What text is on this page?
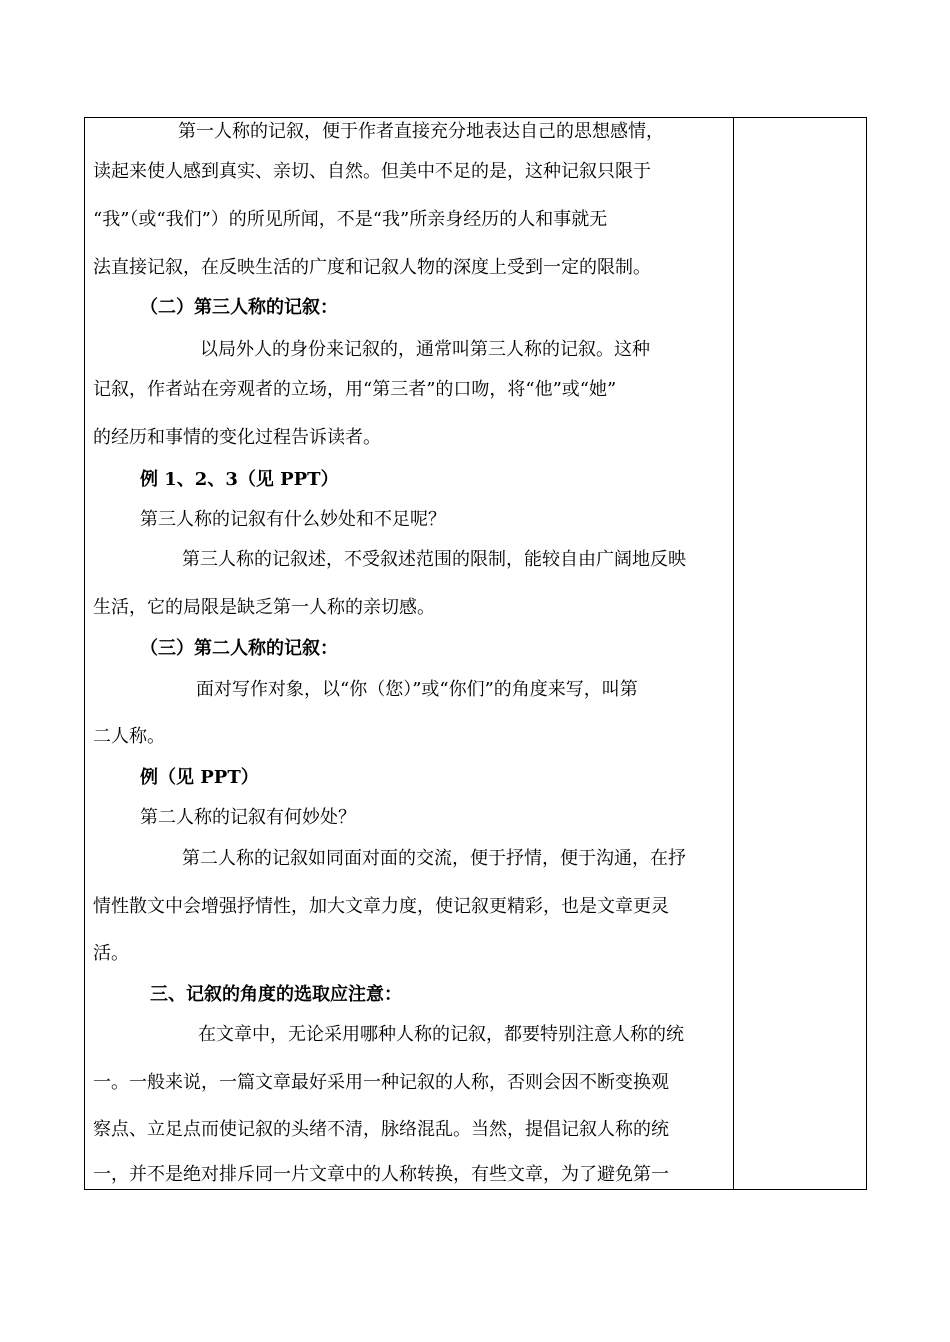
第一人称的记叙，便于作者直接充分地表达自己的思想感情，
读起来使人感到真实、亲切、自然。但美中不足的是，这种记叙只限于
“我”（或“我们”）的所见所闻，不是“我”所亲身经历的人和事就无
法直接记叙，在反映生活的广度和记叙人物的深度上受到一定的限制。
（二）第三人称的记叙：
以局外人的身份来记叙的，通常叫第三人称的记叙。这种
记叙，作者站在旁观者的立场，用“第三者”的口吻，将“他”或“她”
的经历和事情的变化过程告诉读者。
例 1、2、3（见 PPT）
第三人称的记叙有什么妙处和不足呢？
第三人称的记叙述，不受叙述范围的限制，能较自由广阔地反映
生活，它的局限是缺乏第一人称的亲切感。
（三）第二人称的记叙：
面对写作对象，以“你（您）”或“你们”的角度来写，叫第
二人称。
例（见 PPT）
第二人称的记叙有何妙处？
第二人称的记叙如同面对面的交流，便于抒情，便于沟通，在抒
情性散文中会增强抒情性，加大文章力度，使记叙更精彩，也是文章更灵
活。
三、记叙的角度的选取应注意：
在文章中，无论采用哪种人称的记叙，都要特别注意人称的统
一。一般来说，一篇文章最好采用一种记叙的人称，否则会因不断变换观
察点、立足点而使记叙的头绪不清，脉络混乱。当然，提倡记叙人称的统
一，并不是绝对排斥同一片文章中的人称转换，有些文章，为了避免第一
